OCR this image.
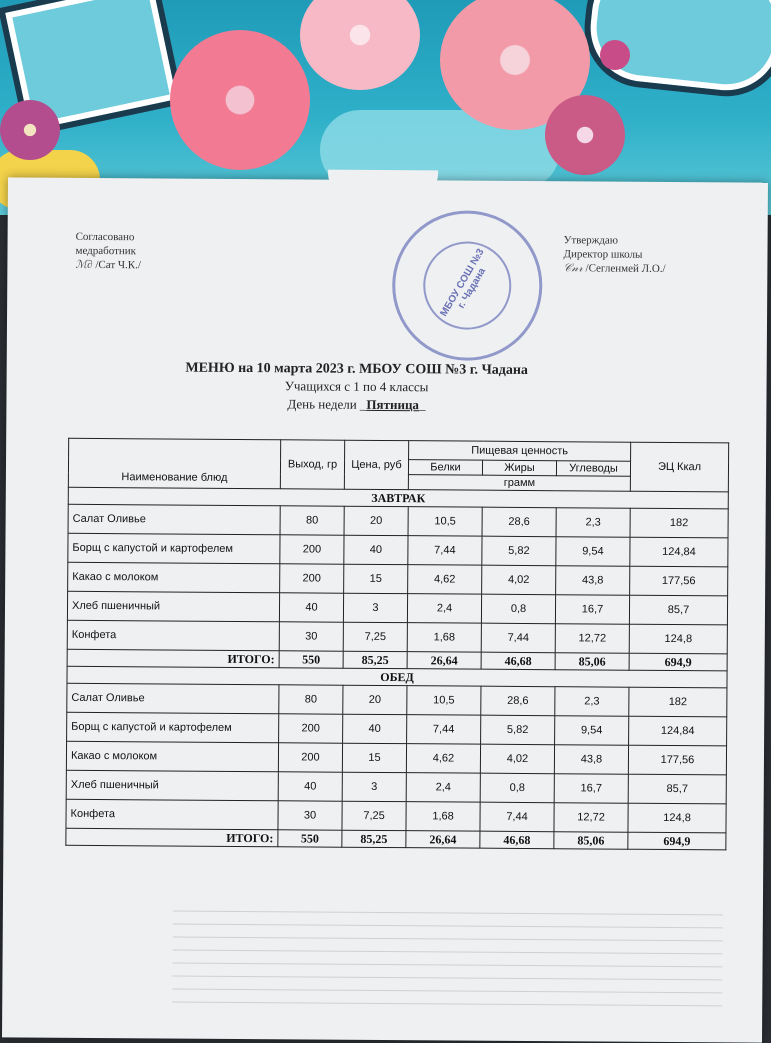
Согласовано
медработник
ℳ∂ /Сат Ч.К./	МБОУ СОШ №3 г. Чадана
Утверждаю
Директор школы
𝒞𝓃𝓇 /Сегленмей Л.О./
МЕНЮ на 10 марта 2023 г. МБОУ СОШ №3 г. Чадана
Учащихся с 1 по 4 классы
День недели _Пятница_
Наименование блюд	Выход, гр	Цена, руб	Пищевая ценность			ЭЦ Ккал
			Белки	Жиры	Углеводы	
			грамм			
ЗАВТРАК						
Салат Оливье	80	20	10,5	28,6	2,3	182
Борщ с капустой и картофелем	200	40	7,44	5,82	9,54	124,84
Какао с молоком	200	15	4,62	4,02	43,8	177,56
Хлеб пшеничный	40	3	2,4	0,8	16,7	85,7
Конфета	30	7,25	1,68	7,44	12,72	124,8
ИТОГО:	550	85,25	26,64	46,68	85,06	694,9
ОБЕД						
Салат Оливье	80	20	10,5	28,6	2,3	182
Борщ с капустой и картофелем	200	40	7,44	5,82	9,54	124,84
Какао с молоком	200	15	4,62	4,02	43,8	177,56
Хлеб пшеничный	40	3	2,4	0,8	16,7	85,7
Конфета	30	7,25	1,68	7,44	12,72	124,8
ИТОГО:	550	85,25	26,64	46,68	85,06	694,9
